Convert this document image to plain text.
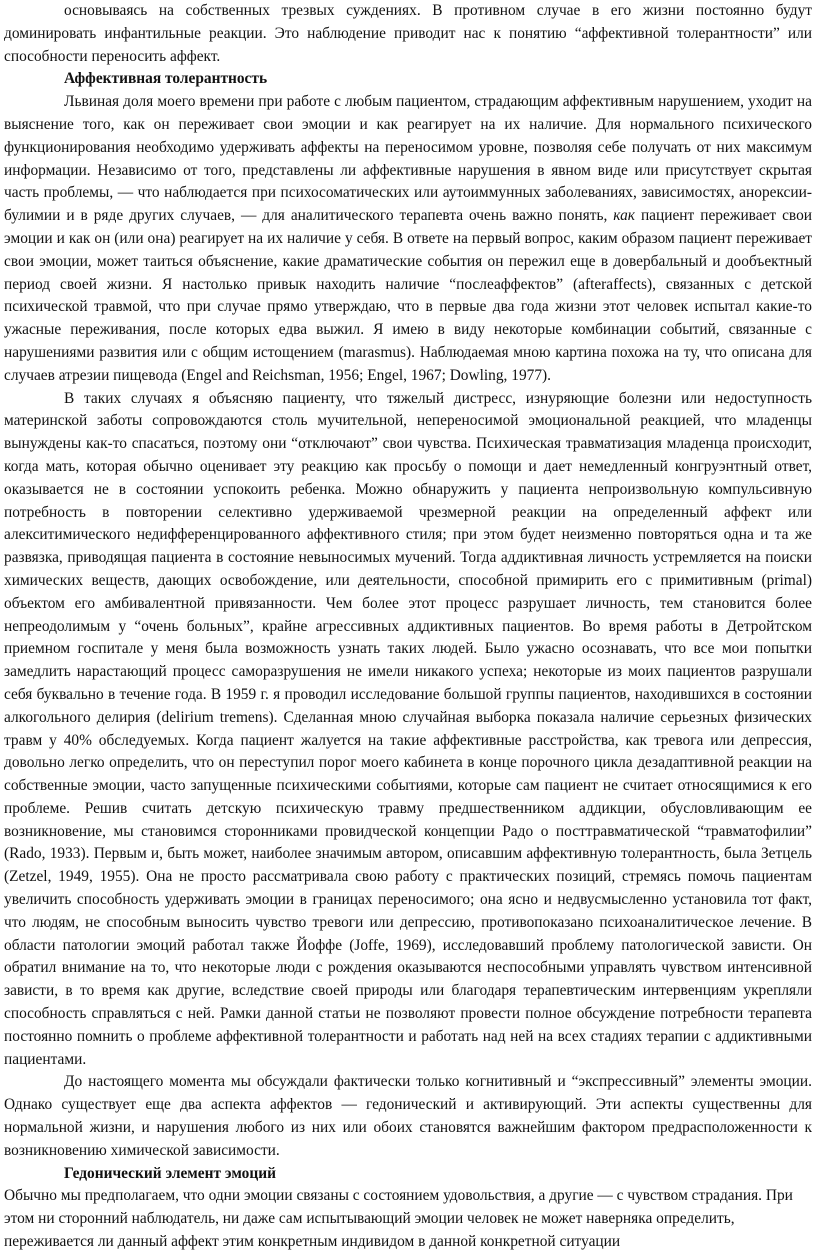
основываясь на собственных трезвых суждениях. В противном случае в его жизни постоянно будут доминировать инфантильные реакции. Это наблюдение приводит нас к понятию “аффективной толерантности” или способности переносить аффект.

Аффективная толерантность

Львиная доля моего времени при работе с любым пациентом, страдающим аффективным нарушением, уходит на выяснение того, как он переживает свои эмоции и как реагирует на их наличие. Для нормального психического функционирования необходимо удерживать аффекты на переносимом уровне, позволяя себе получать от них максимум информации. Независимо от того, представлены ли аффективные нарушения в явном виде или присутствует скрытая часть проблемы, — что наблюдается при психосоматических или аутоиммунных заболеваниях, зависимостях, анорексии-булимии и в ряде других случаев, — для аналитического терапевта очень важно понять, как пациент переживает свои эмоции и как он (или она) реагирует на их наличие у себя. В ответе на первый вопрос, каким образом пациент переживает свои эмоции, может таиться объяснение, какие драматические события он пережил еще в довербальный и дообъектный период своей жизни. Я настолько привык находить наличие “послеаффектов” (afteraffects), связанных с детской психической травмой, что при случае прямо утверждаю, что в первые два года жизни этот человек испытал какие-то ужасные переживания, после которых едва выжил. Я имею в виду некоторые комбинации событий, связанные с нарушениями развития или с общим истощением (marasmus). Наблюдаемая мною картина похожа на ту, что описана для случаев атрезии пищевода (Engel and Reichsman, 1956; Engel, 1967; Dowling, 1977).

В таких случаях я объясняю пациенту, что тяжелый дистресс, изнуряющие болезни или недоступность материнской заботы сопровождаются столь мучительной, непереносимой эмоциональной реакцией, что младенцы вынуждены как-то спасаться, поэтому они “отключают” свои чувства. Психическая травматизация младенца происходит, когда мать, которая обычно оценивает эту реакцию как просьбу о помощи и дает немедленный конгруэнтный ответ, оказывается не в состоянии успокоить ребенка. Можно обнаружить у пациента непроизвольную компульсивную потребность в повторении селективно удерживаемой чрезмерной реакции на определенный аффект или алекситимического недифференцированного аффективного стиля; при этом будет неизменно повторяться одна и та же развязка, приводящая пациента в состояние невыносимых мучений. Тогда аддиктивная личность устремляется на поиски химических веществ, дающих освобождение, или деятельности, способной примирить его с примитивным (primal) объектом его амбивалентной привязанности. Чем более этот процесс разрушает личность, тем становится более непреодолимым у “очень больных”, крайне агрессивных аддиктивных пациентов. Во время работы в Детройтском приемном госпитале у меня была возможность узнать таких людей. Было ужасно осознавать, что все мои попытки замедлить нарастающий процесс саморазрушения не имели никакого успеха; некоторые из моих пациентов разрушали себя буквально в течение года. В 1959 г. я проводил исследование большой группы пациентов, находившихся в состоянии алкогольного делирия (delirium tremens). Сделанная мною случайная выборка показала наличие серьезных физических травм у 40% обследуемых. Когда пациент жалуется на такие аффективные расстройства, как тревога или депрессия, довольно легко определить, что он переступил порог моего кабинета в конце порочного цикла дезадаптивной реакции на собственные эмоции, часто запущенные психическими событиями, которые сам пациент не считает относящимися к его проблеме. Решив считать детскую психическую травму предшественником аддикции, обусловливающим ее возникновение, мы становимся сторонниками провидческой концепции Радо о посттравматической “травматофилии” (Rado, 1933). Первым и, быть может, наиболее значимым автором, описавшим аффективную толерантность, была Зетцель (Zetzel, 1949, 1955). Она не просто рассматривала свою работу с практических позиций, стремясь помочь пациентам увеличить способность удерживать эмоции в границах переносимого; она ясно и недвусмысленно установила тот факт, что людям, не способным выносить чувство тревоги или депрессию, противопоказано психоаналитическое лечение. В области патологии эмоций работал также Йоффе (Joffe, 1969), исследовавший проблему патологической зависти. Он обратил внимание на то, что некоторые люди с рождения оказываются неспособными управлять чувством интенсивной зависти, в то время как другие, вследствие своей природы или благодаря терапевтическим интервенциям укрепляли способность справляться с ней. Рамки данной статьи не позволяют провести полное обсуждение потребности терапевта постоянно помнить о проблеме аффективной толерантности и работать над ней на всех стадиях терапии с аддиктивными пациентами.

До настоящего момента мы обсуждали фактически только когнитивный и “экспрессивный” элементы эмоции. Однако существует еще два аспекта аффектов — гедонический и активирующий. Эти аспекты существенны для нормальной жизни, и нарушения любого из них или обоих становятся важнейшим фактором предрасположенности к возникновению химической зависимости.

Гедонический элемент эмоций

Обычно мы предполагаем, что одни эмоции связаны с состоянием удовольствия, а другие — с чувством страдания. При этом ни сторонний наблюдатель, ни даже сам испытывающий эмоции человек не может наверняка определить, переживается ли данный аффект этим конкретным индивидом в данной конкретной ситуации
